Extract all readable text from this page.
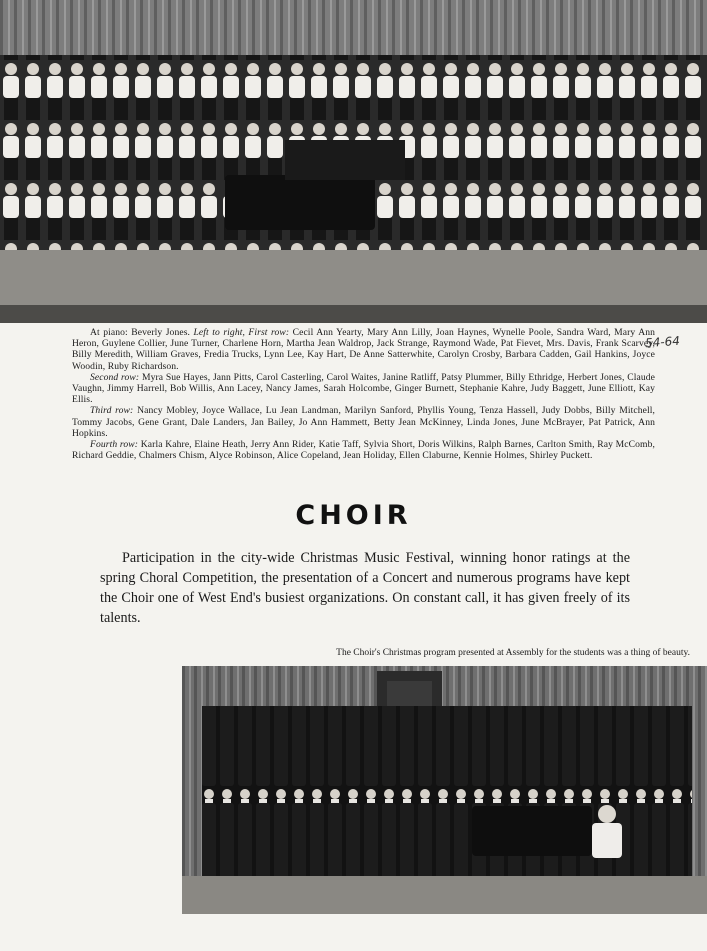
At piano: Beverly Jones. Left to right, First row: Cecil Ann Yearty, Mary Ann Lilly, Joan Haynes, Wynelle Poole, Sandra Ward, Mary Ann Heron, Guylene Collier, June Turner, Charlene Horn, Martha Jean Waldrop, Jack Strange, Raymond Wade, Pat Fievet, Mrs. Davis, Frank Scarvey, Billy Meredith, William Graves, Fredia Trucks, Lynn Lee, Kay Hart, De Anne Satterwhite, Carolyn Crosby, Barbara Cadden, Gail Hankins, Joyce Woodin, Ruby Richardson.

Second row: Myra Sue Hayes, Jann Pitts, Carol Casterling, Carol Waites, Janine Ratliff, Patsy Plummer, Billy Ethridge, Herbert Jones, Claude Vaughn, Jimmy Harrell, Bob Willis, Ann Lacey, Nancy James, Sarah Holcombe, Ginger Burnett, Stephanie Kahre, Judy Baggett, June Elliott, Kay Ellis.

Third row: Nancy Mobley, Joyce Wallace, Lu Jean Landman, Marilyn Sanford, Phyllis Young, Tenza Hassell, Judy Dobbs, Billy Mitchell, Tommy Jacobs, Gene Grant, Dale Landers, Jan Bailey, Jo Ann Hammett, Betty Jean McKinney, Linda Jones, June McBrayer, Pat Patrick, Ann Hopkins.

Fourth row: Karla Kahre, Elaine Heath, Jerry Ann Rider, Katie Taff, Sylvia Short, Doris Wilkins, Ralph Barnes, Carlton Smith, Ray McComb, Richard Geddie, Chalmers Chism, Alyce Robinson, Alice Copeland, Jean Holiday, Ellen Claburne, Kennie Holmes, Shirley Puckett.

54-64
CHOIR

Participation in the city-wide Christmas Music Festival, winning honor ratings at the spring Choral Competition, the presentation of a Concert and numerous programs have kept the Choir one of West End's busiest organizations. On constant call, it has given freely of its talents.

The Choir's Christmas program presented at Assembly for the students was a thing of beauty.
